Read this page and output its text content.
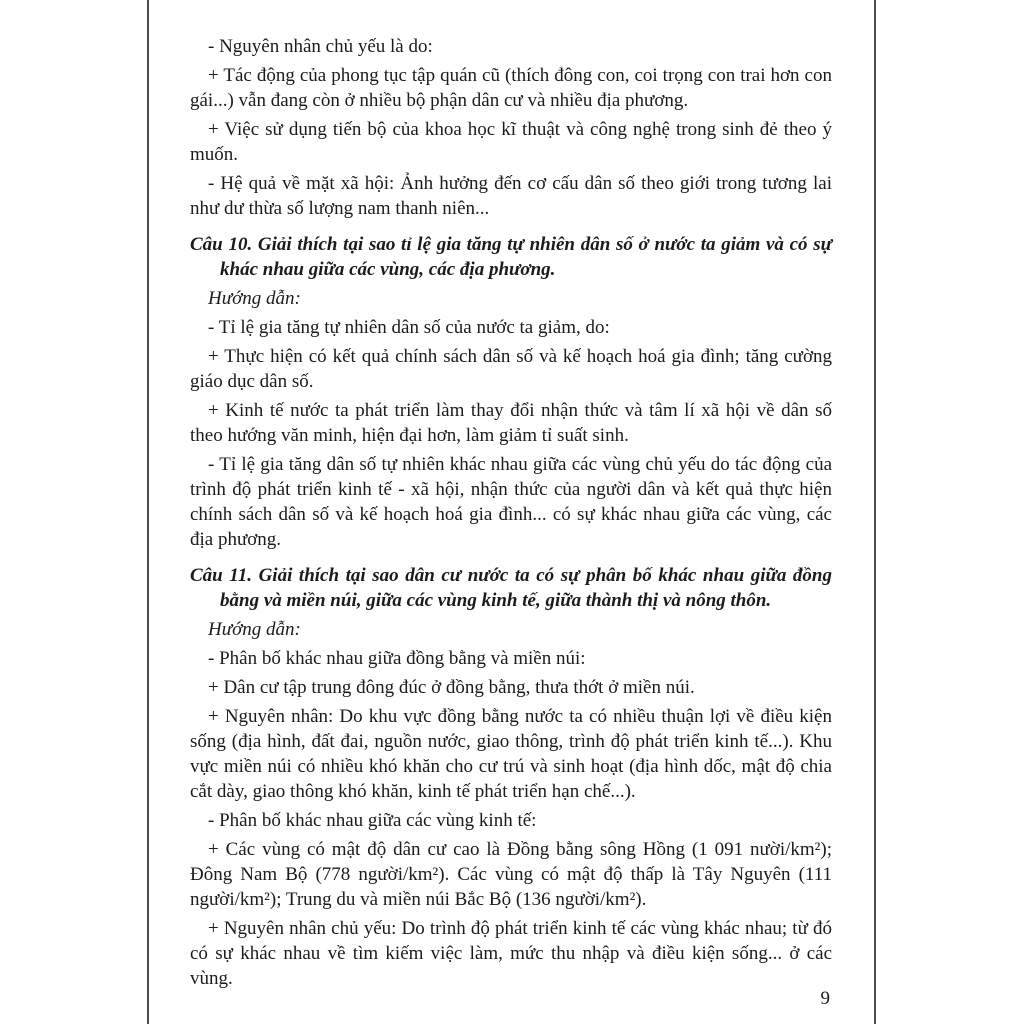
- Nguyên nhân chủ yếu là do:

+ Tác động của phong tục tập quán cũ (thích đông con, coi trọng con trai hơn con gái...) vẫn đang còn ở nhiều bộ phận dân cư và nhiều địa phương.

+ Việc sử dụng tiến bộ của khoa học kĩ thuật và công nghệ trong sinh đẻ theo ý muốn.

- Hệ quả về mặt xã hội: Ảnh hưởng đến cơ cấu dân số theo giới trong tương lai như dư thừa số lượng nam thanh niên...

Câu 10. Giải thích tại sao tỉ lệ gia tăng tự nhiên dân số ở nước ta giảm và có sự khác nhau giữa các vùng, các địa phương.

Hướng dẫn:

- Tỉ lệ gia tăng tự nhiên dân số của nước ta giảm, do:

+ Thực hiện có kết quả chính sách dân số và kế hoạch hoá gia đình; tăng cường giáo dục dân số.

+ Kinh tế nước ta phát triển làm thay đổi nhận thức và tâm lí xã hội về dân số theo hướng văn minh, hiện đại hơn, làm giảm tỉ suất sinh.

- Tỉ lệ gia tăng dân số tự nhiên khác nhau giữa các vùng chủ yếu do tác động của trình độ phát triển kinh tế - xã hội, nhận thức của người dân và kết quả thực hiện chính sách dân số và kế hoạch hoá gia đình... có sự khác nhau giữa các vùng, các địa phương.

Câu 11. Giải thích tại sao dân cư nước ta có sự phân bố khác nhau giữa đồng bằng và miền núi, giữa các vùng kinh tế, giữa thành thị và nông thôn.

Hướng dẫn:

- Phân bố khác nhau giữa đồng bằng và miền núi:

+ Dân cư tập trung đông đúc ở đồng bằng, thưa thớt ở miền núi.

+ Nguyên nhân: Do khu vực đồng bằng nước ta có nhiều thuận lợi về điều kiện sống (địa hình, đất đai, nguồn nước, giao thông, trình độ phát triển kinh tế...). Khu vực miền núi có nhiều khó khăn cho cư trú và sinh hoạt (địa hình dốc, mật độ chia cắt dày, giao thông khó khăn, kinh tế phát triển hạn chế...).

- Phân bố khác nhau giữa các vùng kinh tế:

+ Các vùng có mật độ dân cư cao là Đồng bằng sông Hồng (1 091 nười/km²); Đông Nam Bộ (778 người/km²). Các vùng có mật độ thấp là Tây Nguyên (111 người/km²); Trung du và miền núi Bắc Bộ (136 người/km²).

+ Nguyên nhân chủ yếu: Do trình độ phát triển kinh tế các vùng khác nhau; từ đó có sự khác nhau về tìm kiếm việc làm, mức thu nhập và điều kiện sống... ở các vùng.

9
